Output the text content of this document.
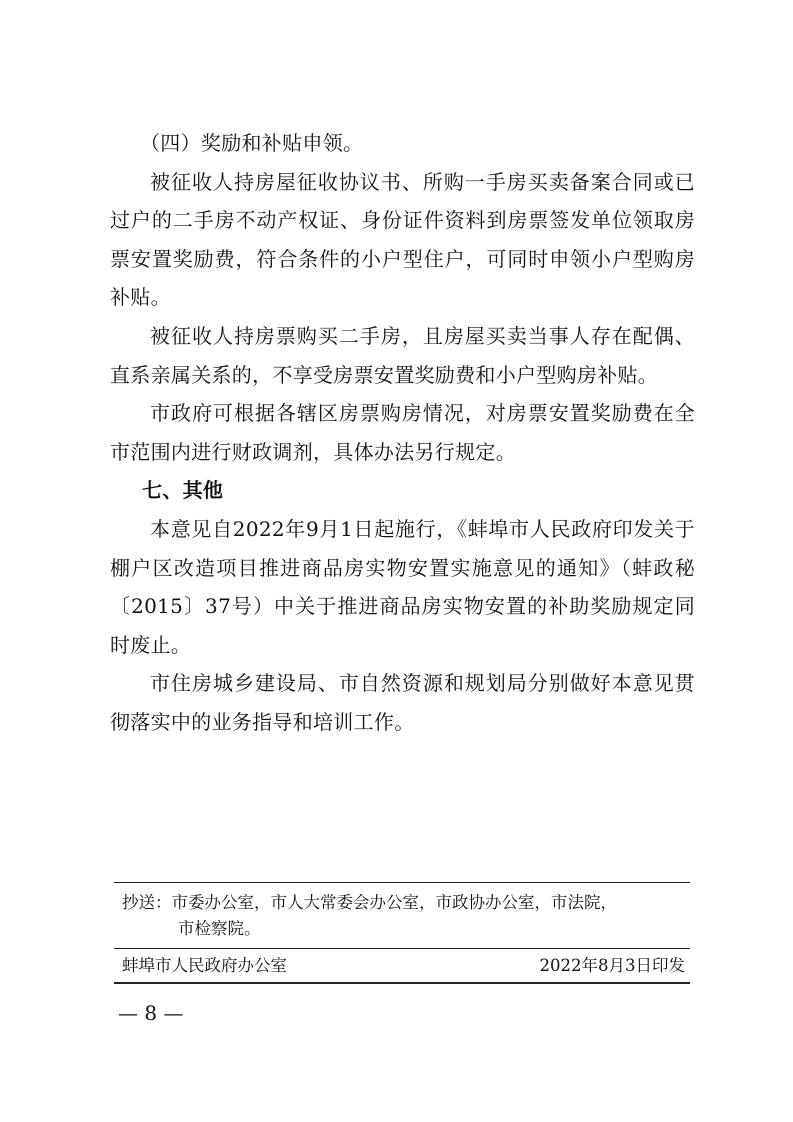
（四）奖励和补贴申领。

被征收人持房屋征收协议书、所购一手房买卖备案合同或已过户的二手房不动产权证、身份证件资料到房票签发单位领取房票安置奖励费，符合条件的小户型住户，可同时申领小户型购房补贴。

被征收人持房票购买二手房，且房屋买卖当事人存在配偶、直系亲属关系的，不享受房票安置奖励费和小户型购房补贴。

市政府可根据各辖区房票购房情况，对房票安置奖励费在全市范围内进行财政调剂，具体办法另行规定。

七、其他

本意见自2022年9月1日起施行，《蚌埠市人民政府印发关于棚户区改造项目推进商品房实物安置实施意见的通知》（蚌政秘〔2015〕37号）中关于推进商品房实物安置的补助奖励规定同时废止。

市住房城乡建设局、市自然资源和规划局分别做好本意见贯彻落实中的业务指导和培训工作。

抄送：市委办公室，市人大常委会办公室，市政协办公室，市法院，
市检察院。
蚌埠市人民政府办公室	2022年8月3日印发
— 8 —
